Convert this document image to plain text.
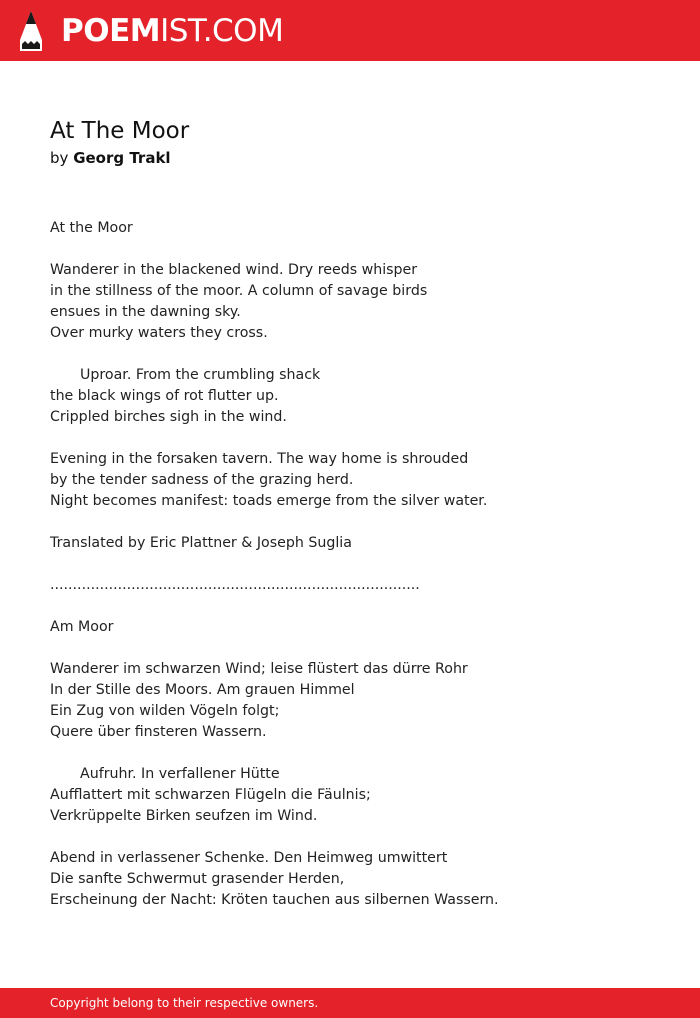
POEMIST.COM
At The Moor

by Georg Trakl

At the Moor
Wanderer in the blackened wind. Dry reeds whisper
in the stillness of the moor. A column of savage birds
ensues in the dawning sky.
Over murky waters they cross.
Uproar. From the crumbling shack
the black wings of rot flutter up.
Crippled birches sigh in the wind.
Evening in the forsaken tavern. The way home is shrouded
by the tender sadness of the grazing herd.
Night becomes manifest: toads emerge from the silver water.
Translated by Eric Plattner & Joseph Suglia
..................................................................................
Am Moor
Wanderer im schwarzen Wind; leise flüstert das dürre Rohr
In der Stille des Moors. Am grauen Himmel
Ein Zug von wilden Vögeln folgt;
Quere über finsteren Wassern.
Aufruhr. In verfallener Hütte
Aufflattert mit schwarzen Flügeln die Fäulnis;
Verkrüppelte Birken seufzen im Wind.
Abend in verlassener Schenke. Den Heimweg umwittert
Die sanfte Schwermut grasender Herden,
Erscheinung der Nacht: Kröten tauchen aus silbernen Wassern.
Copyright belong to their respective owners.
